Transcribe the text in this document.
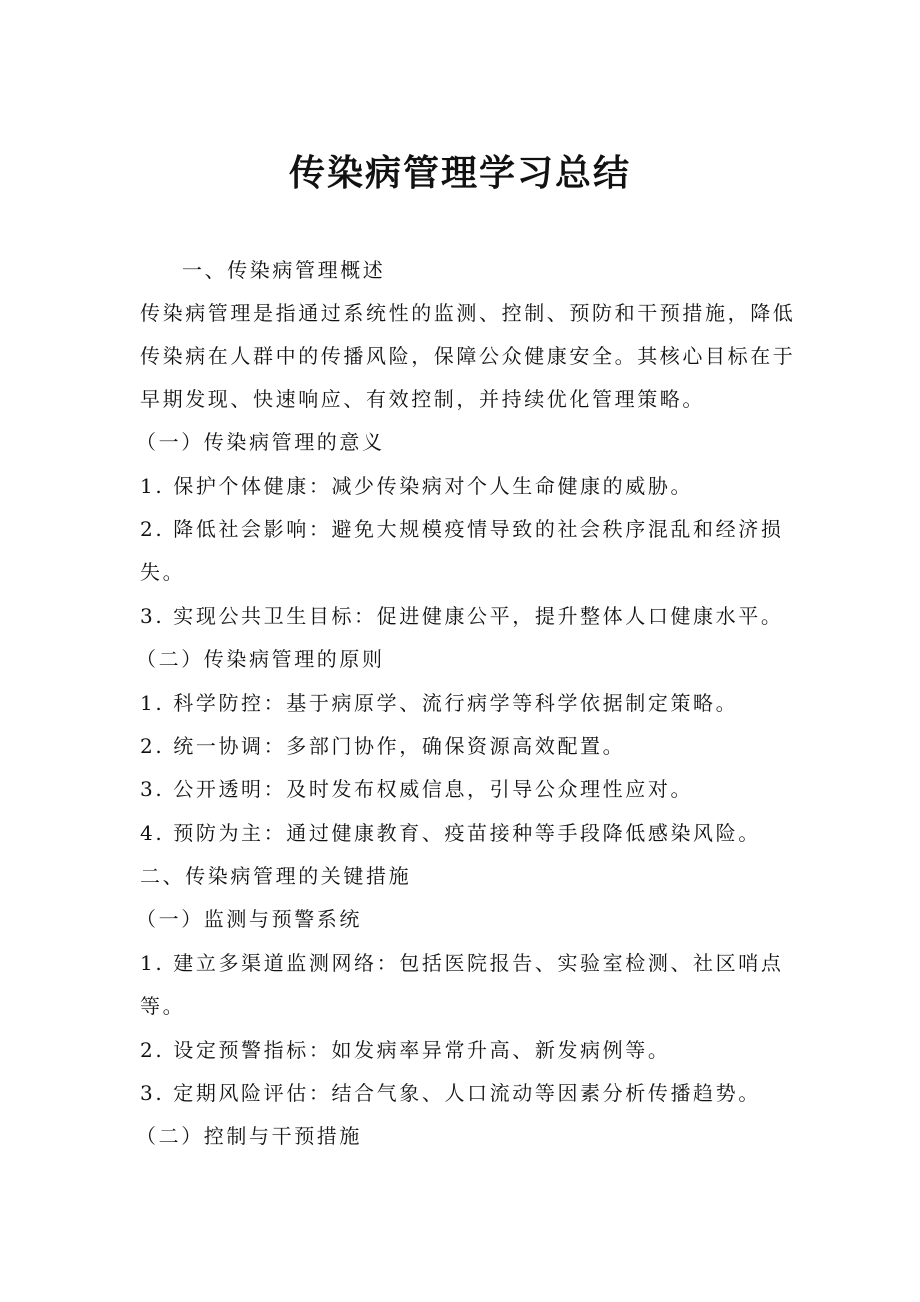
传染病管理学习总结
一、传染病管理概述
传染病管理是指通过系统性的监测、控制、预防和干预措施，降低
传染病在人群中的传播风险，保障公众健康安全。其核心目标在于
早期发现、快速响应、有效控制，并持续优化管理策略。
（一）传染病管理的意义
1. 保护个体健康：减少传染病对个人生命健康的威胁。
2. 降低社会影响：避免大规模疫情导致的社会秩序混乱和经济损
失。
3. 实现公共卫生目标：促进健康公平，提升整体人口健康水平。
（二）传染病管理的原则
1. 科学防控：基于病原学、流行病学等科学依据制定策略。
2. 统一协调：多部门协作，确保资源高效配置。
3. 公开透明：及时发布权威信息，引导公众理性应对。
4. 预防为主：通过健康教育、疫苗接种等手段降低感染风险。
二、传染病管理的关键措施
（一）监测与预警系统
1. 建立多渠道监测网络：包括医院报告、实验室检测、社区哨点
等。
2. 设定预警指标：如发病率异常升高、新发病例等。
3. 定期风险评估：结合气象、人口流动等因素分析传播趋势。
（二）控制与干预措施
